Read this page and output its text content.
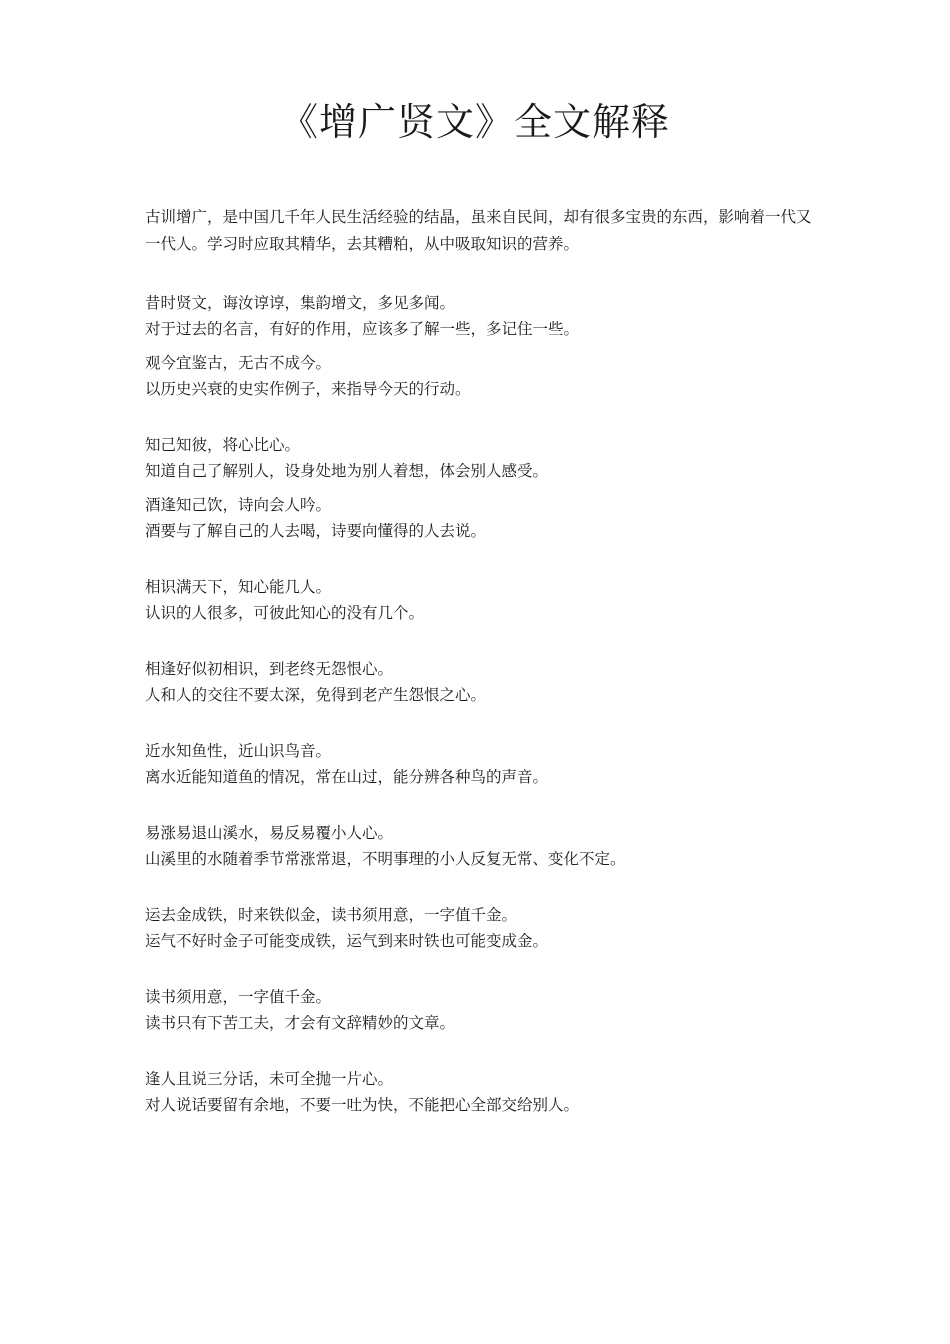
《增广贤文》全文解释

古训增广，是中国几千年人民生活经验的结晶，虽来自民间，却有很多宝贵的东西，影响着一代又一代人。学习时应取其精华，去其糟粕，从中吸取知识的营养。

昔时贤文，诲汝谆谆，集韵增文，多见多闻。
对于过去的名言，有好的作用，应该多了解一些，多记住一些。
观今宜鉴古，无古不成今。
以历史兴衰的史实作例子，来指导今天的行动。
知己知彼，将心比心。
知道自己了解别人，设身处地为别人着想，体会别人感受。
酒逢知己饮，诗向会人吟。
酒要与了解自己的人去喝，诗要向懂得的人去说。
相识满天下，知心能几人。
认识的人很多，可彼此知心的没有几个。
相逢好似初相识，到老终无怨恨心。
人和人的交往不要太深，免得到老产生怨恨之心。
近水知鱼性，近山识鸟音。
离水近能知道鱼的情况，常在山过，能分辨各种鸟的声音。
易涨易退山溪水，易反易覆小人心。
山溪里的水随着季节常涨常退，不明事理的小人反复无常、变化不定。
运去金成铁，时来铁似金，读书须用意，一字值千金。
运气不好时金子可能变成铁，运气到来时铁也可能变成金。
读书须用意，一字值千金。
读书只有下苦工夫，才会有文辞精妙的文章。
逢人且说三分话，未可全抛一片心。
对人说话要留有余地，不要一吐为快，不能把心全部交给别人。
